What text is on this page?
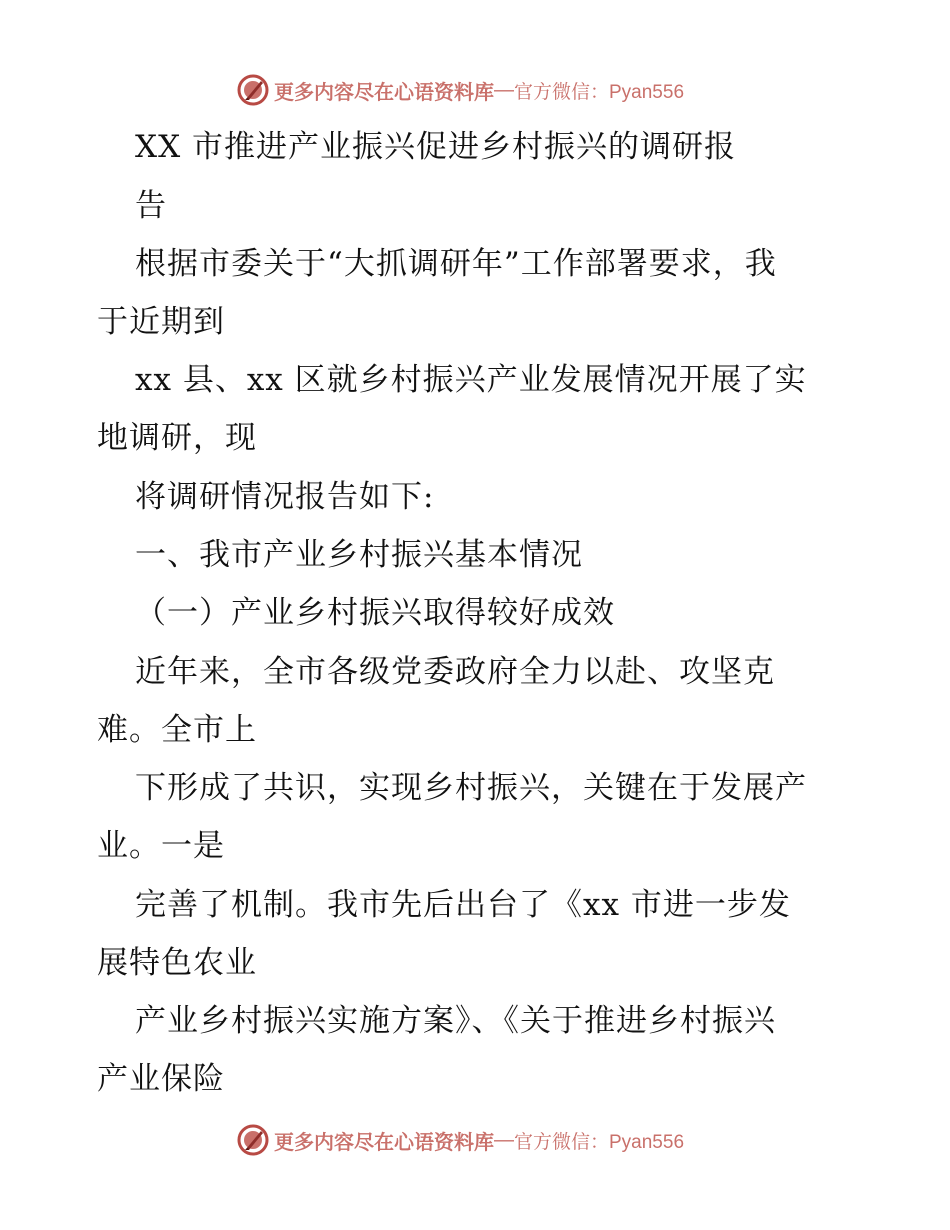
更多内容尽在心语资料库 — 官方微信：Pyan556

XX 市推进产业振兴促进乡村振兴的调研报

告

根据市委关于“大抓调研年”工作部署要求，我

于近期到

xx 县、xx 区就乡村振兴产业发展情况开展了实

地调研，现

将调研情况报告如下:

一、我市产业乡村振兴基本情况

（一）产业乡村振兴取得较好成效

近年来，全市各级党委政府全力以赴、攻坚克

难。全市上

下形成了共识，实现乡村振兴，关键在于发展产

业。一是

完善了机制。我市先后出台了《xx 市进一步发

展特色农业

产业乡村振兴实施方案》、《关于推进乡村振兴

产业保险

更多内容尽在心语资料库 — 官方微信：Pyan556
